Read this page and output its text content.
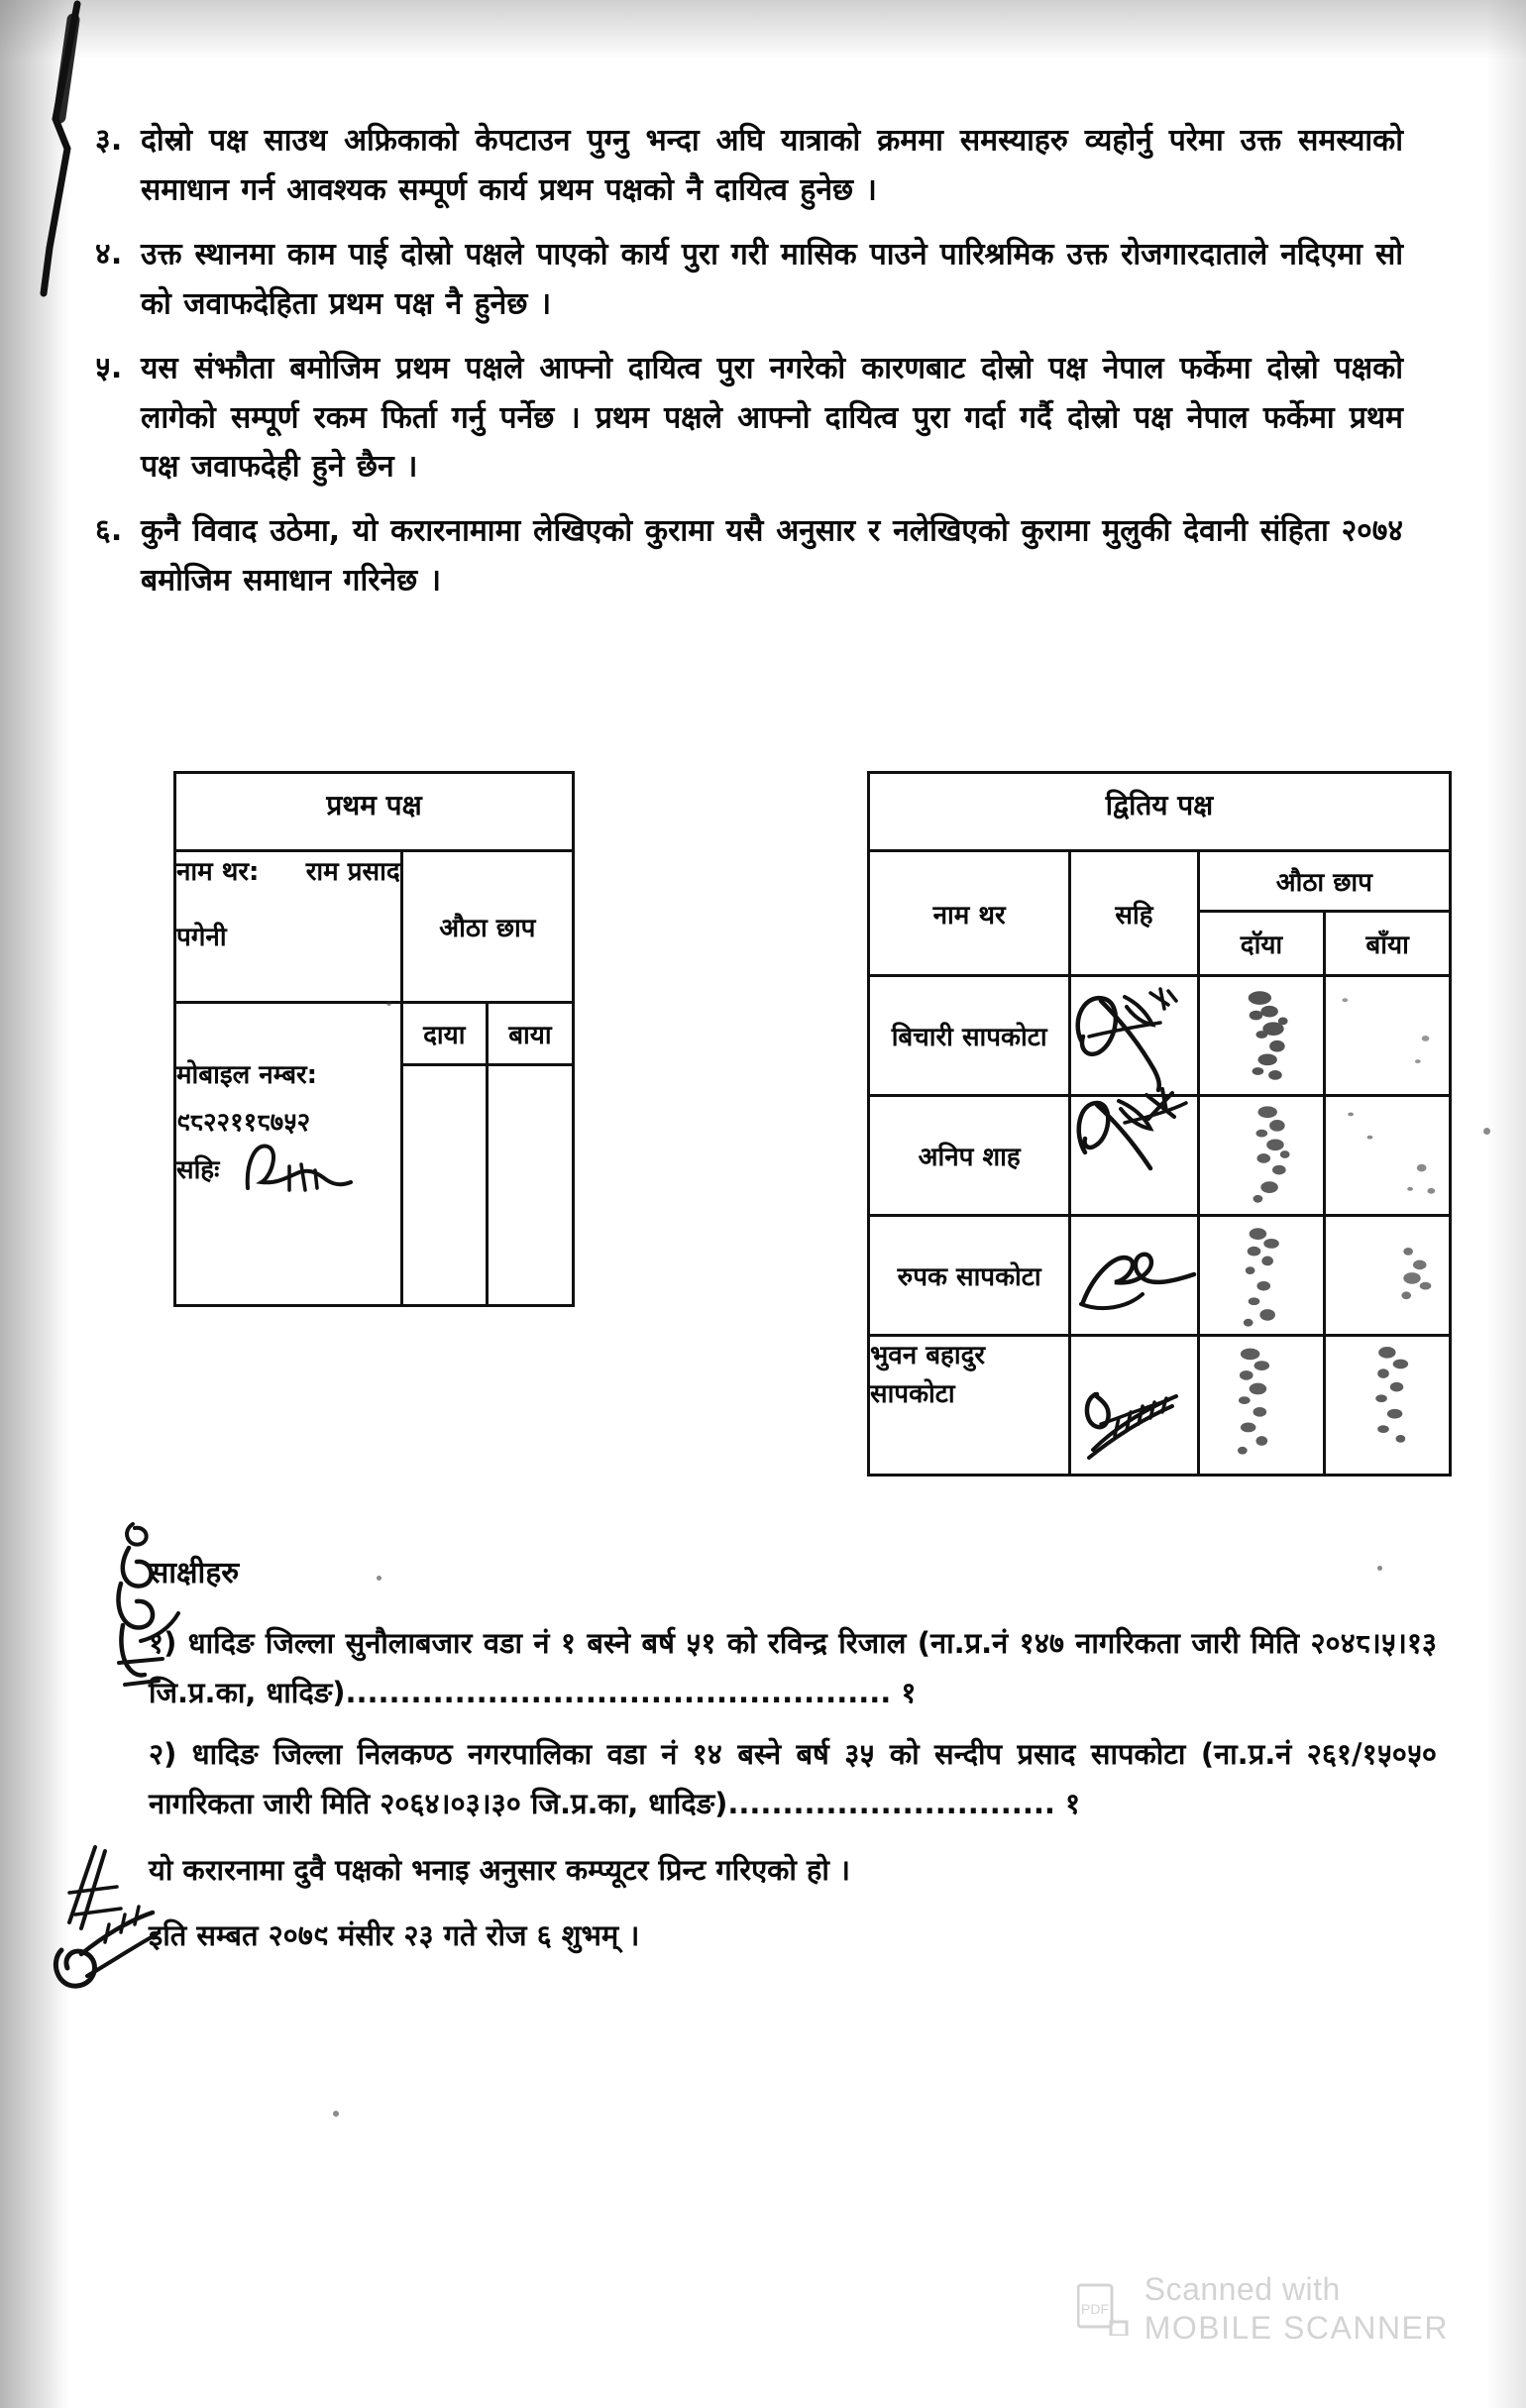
३. दोस्रो पक्ष साउथ अफ्रिकाको केपटाउन पुग्नु भन्दा अघि यात्राको क्रममा समस्याहरु व्यहोर्नु परेमा उक्त समस्याको समाधान गर्न आवश्यक सम्पूर्ण कार्य प्रथम पक्षको नै दायित्व हुनेछ ।
४. उक्त स्थानमा काम पाई दोस्रो पक्षले पाएको कार्य पुरा गरी मासिक पाउने पारिश्रमिक उक्त रोजगारदाताले नदिएमा सो को जवाफदेहिता प्रथम पक्ष नै हुनेछ ।
५. यस संझौता बमोजिम प्रथम पक्षले आफ्नो दायित्व पुरा नगरेको कारणबाट दोस्रो पक्ष नेपाल फर्केमा दोस्रो पक्षको लागेको सम्पूर्ण रकम फिर्ता गर्नु पर्नेछ । प्रथम पक्षले आफ्नो दायित्व पुरा गर्दा गर्दै दोस्रो पक्ष नेपाल फर्केमा प्रथम पक्ष जवाफदेही हुने छैन ।
६. कुनै विवाद उठेमा, यो करारनामामा लेखिएको कुरामा यसै अनुसार र नलेखिएको कुरामा मुलुकी देवानी संहिता २०७४ बमोजिम समाधान गरिनेछ ।
प्रथम पक्ष		

नाम थर: राम प्रसाद
पगेनी	औठा छाप	

मोबाइल नम्बर:
९८२२११८७५२
सहिः	दाया	बाया

द्वितिय पक्ष			
नाम थर	सहि	औठा छाप	
		दाॅया	बाँया
बिचारी सापकोटा	

अनिप शाह	

रुपक सापकोटा	

भुवन बहादुर सापकोटा

साक्षीहरु
१) धादिङ जिल्ला सुनौलाबजार वडा नं १ बस्ने बर्ष ५१ को रविन्द्र रिजाल (ना.प्र.नं १४७ नागरिकता जारी मिति २०४८।५।१३ जि.प्र.का, धादिङ).................................................. १
२) धादिङ जिल्ला निलकण्ठ नगरपालिका वडा नं १४ बस्ने बर्ष ३५ को सन्दीप प्रसाद सापकोटा (ना.प्र.नं २६१/१५०५० नागरिकता जारी मिति २०६४।०३।३० जि.प्र.का, धादिङ).............................. १
यो करारनामा दुवै पक्षको भनाइ अनुसार कम्प्यूटर प्रिन्ट गरिएको हो ।
इति सम्बत २०७९ मंसीर २३ गते रोज ६ शुभम् ।
PDF
Scanned with
MOBILE SCANNER
